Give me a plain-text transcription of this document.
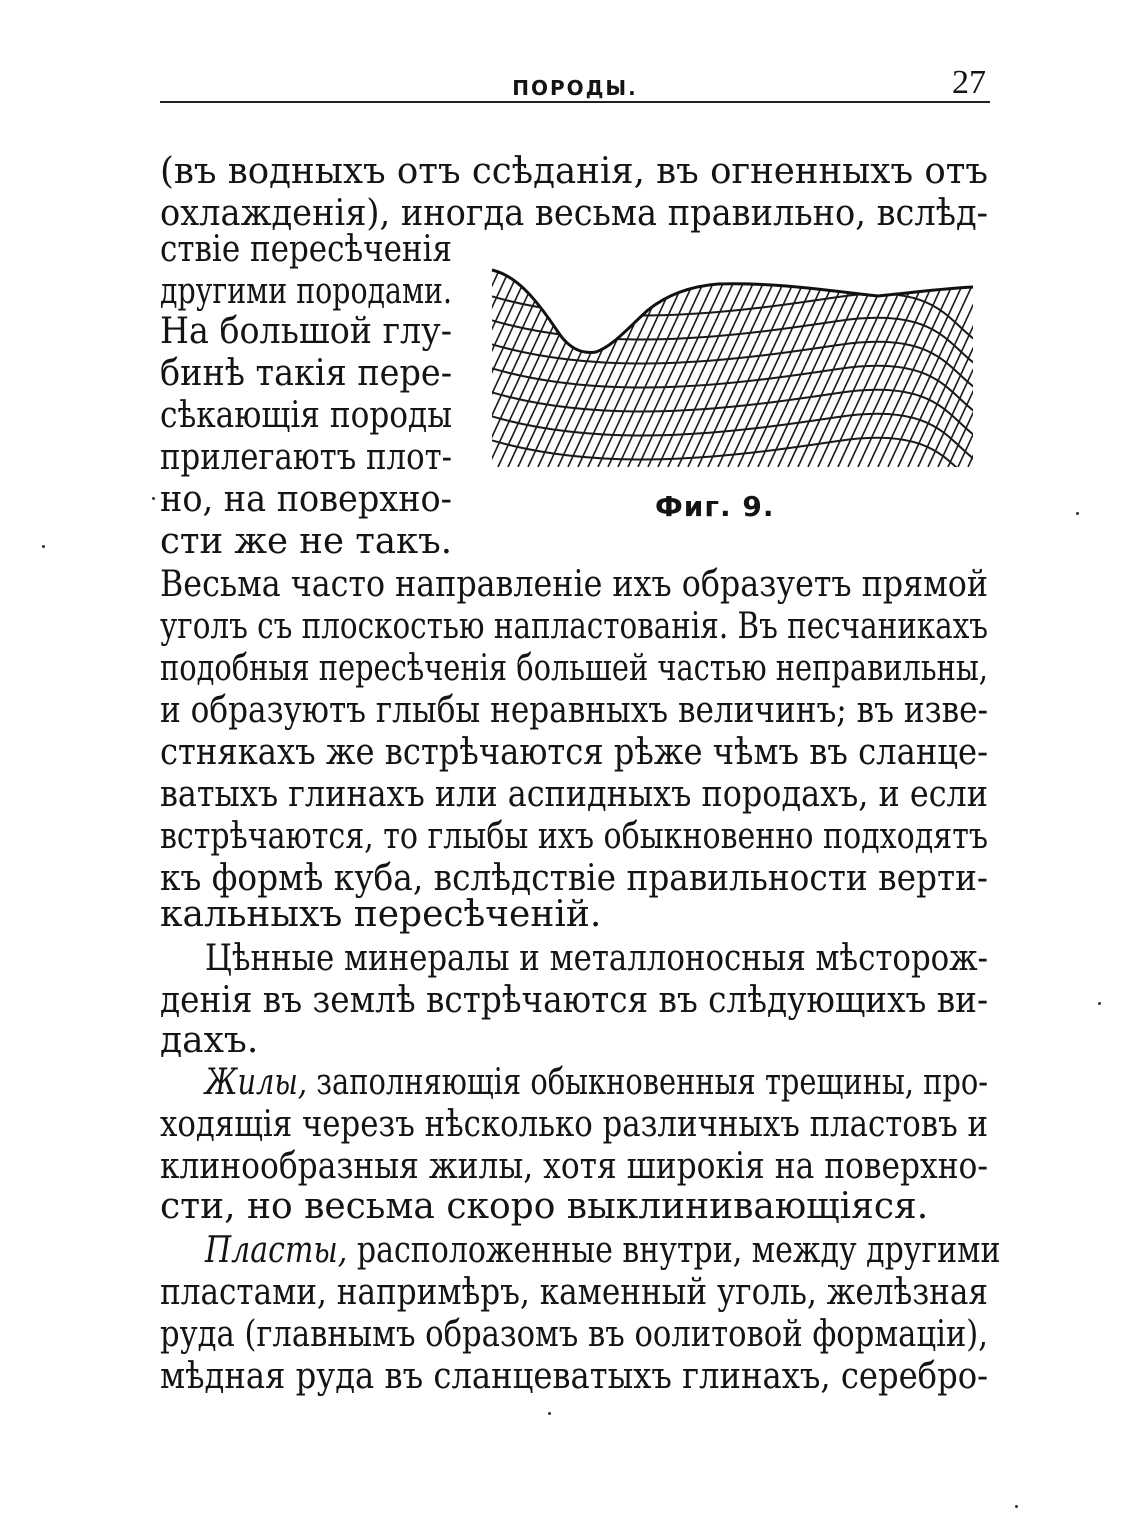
ПОРОДЫ.	27
(въ водныхъ отъ ссѣданія, въ огненныхъ отъ
охлажденія), иногда весьма правильно, вслѣд-
ствіе пересѣченія
другими породами.
На большой глу-
бинѣ такія пере-
сѣкающія породы
прилегаютъ плот-
но, на поверхно-
сти же не такъ.
Фиг. 9.
Весьма часто направленіе ихъ образуетъ прямой
уголъ съ плоскостью напластованія. Въ песчаникахъ
подобныя пересѣченія большей частью неправильны,
и образуютъ глыбы неравныхъ величинъ; въ изве-
стнякахъ же встрѣчаются рѣже чѣмъ въ сланце-
ватыхъ глинахъ или аспидныхъ породахъ, и если
встрѣчаются, то глыбы ихъ обыкновенно подходятъ
къ формѣ куба, вслѣдствіе правильности верти-
кальныхъ пересѣченій.
Цѣнные минералы и металлоносныя мѣсторож-
денія въ землѣ встрѣчаются въ слѣдующихъ ви-
дахъ.
Жилы, заполняющія обыкновенныя трещины, про-
ходящія черезъ нѣсколько различныхъ пластовъ и
клинообразныя жилы, хотя широкія на поверхно-
сти, но весьма скоро выклинивающіяся.
Пласты, расположенные внутри, между другими
пластами, напримѣръ, каменный уголь, желѣзная
руда (главнымъ образомъ въ оолитовой формаціи),
мѣдная руда въ сланцеватыхъ глинахъ, серебро-
